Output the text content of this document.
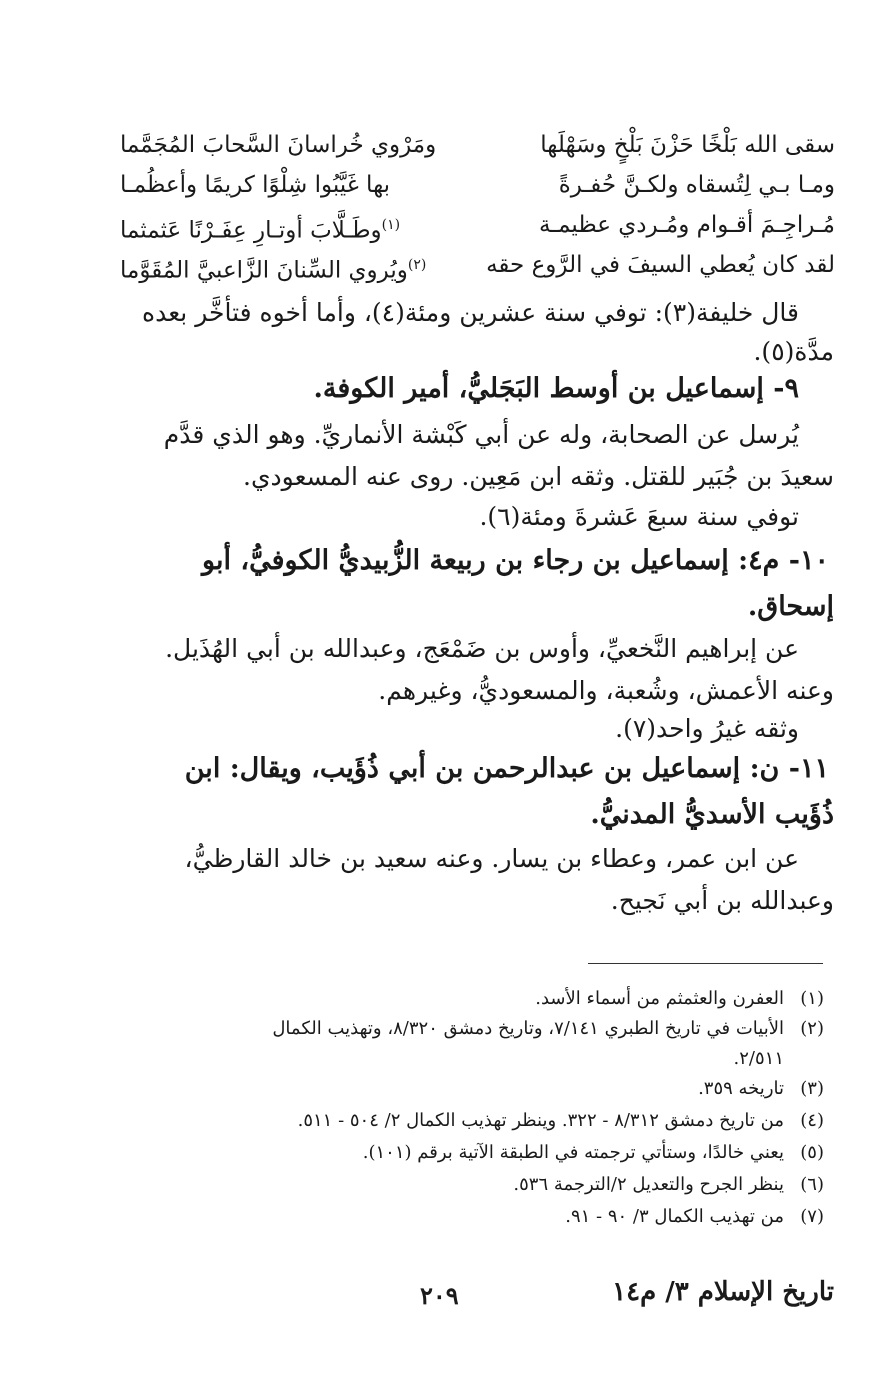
سقى الله بَلْخًا حَزْنَ بَلْخٍ وسَهْلَها
ومَرْوي خُراسانَ السَّحابَ المُجَمَّما
ومـا بـي لِتُسقاه ولكـنَّ حُفـرةً
بها غَيَّبُوا شِلْوًا كريمًا وأعظُمـا
مُـراجِـمَ أقـوام ومُـردي عظيمـة
$^{(١)}$وطَـلَّابَ أوتـارِ عِفَـرْنًا عَثمثما
لقد كان يُعطي السيفَ في الرَّوع حقه
$^{(٢)}$ويُروي السِّنانَ الزَّاعبيَّ المُقَوَّما
قال خليفة(٣): توفي سنة عشرين ومئة(٤)، وأما أخوه فتأخَّر بعده
مدَّة(٥).
٩- إسماعيل بن أوسط البَجَليُّ، أمير الكوفة.
يُرسل عن الصحابة، وله عن أبي كَبْشة الأنماريِّ. وهو الذي قدَّم
سعيدَ بن جُبَير للقتل. وثقه ابن مَعِين. روى عنه المسعودي.
توفي سنة سبعَ عَشرةَ ومئة(٦).
١٠- م٤: إسماعيل بن رجاء بن ربيعة الزُّبيديُّ الكوفيُّ، أبو
إسحاق.
عن إبراهيم النَّخعيِّ، وأوس بن ضَمْعَج، وعبدالله بن أبي الهُذَيل.
وعنه الأعمش، وشُعبة، والمسعوديُّ، وغيرهم.
وثقه غيرُ واحد(٧).
١١- ن: إسماعيل بن عبدالرحمن بن أبي ذُؤَيب، ويقال: ابن
ذُؤَيب الأسديُّ المدنيُّ.
عن ابن عمر، وعطاء بن يسار. وعنه سعيد بن خالد القارظيُّ،
وعبدالله بن أبي نَجيح.
(١)العفرن والعثمثم من أسماء الأسد.
(٢)الأبيات في تاريخ الطبري ٧/١٤١، وتاريخ دمشق ٨/٣٢٠، وتهذيب الكمال
٢/٥١١.
(٣)تاريخه ٣٥٩.
(٤)من تاريخ دمشق ٨/٣١٢ - ٣٢٢. وينظر تهذيب الكمال ٢/ ٥٠٤ - ٥١١.
(٥)يعني خالدًا، وستأتي ترجمته في الطبقة الآتية برقم (١٠١).
(٦)ينظر الجرح والتعديل ٢/الترجمة ٥٣٦.
(٧)من تهذيب الكمال ٣/ ٩٠ - ٩١.
تاريخ الإسلام ٣/ م١٤
٢٠٩
